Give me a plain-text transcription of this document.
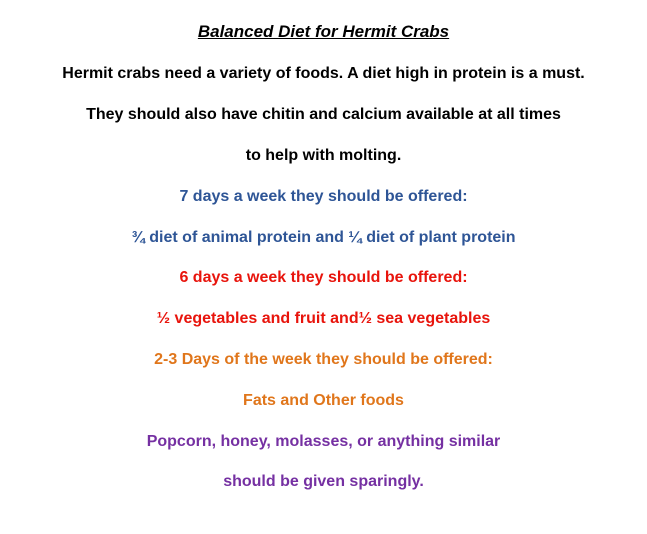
Balanced Diet for Hermit Crabs

Hermit crabs need a variety of foods. A diet high in protein is a must.

They should also have chitin and calcium available at all times

to help with molting.

7 days a week they should be offered:

¾ diet of animal protein and ¼ diet of plant protein

6 days a week they should be offered:

½ vegetables and fruit and½ sea vegetables

2-3 Days of the week they should be offered:

Fats and Other foods

Popcorn, honey, molasses, or anything similar

should be given sparingly.
